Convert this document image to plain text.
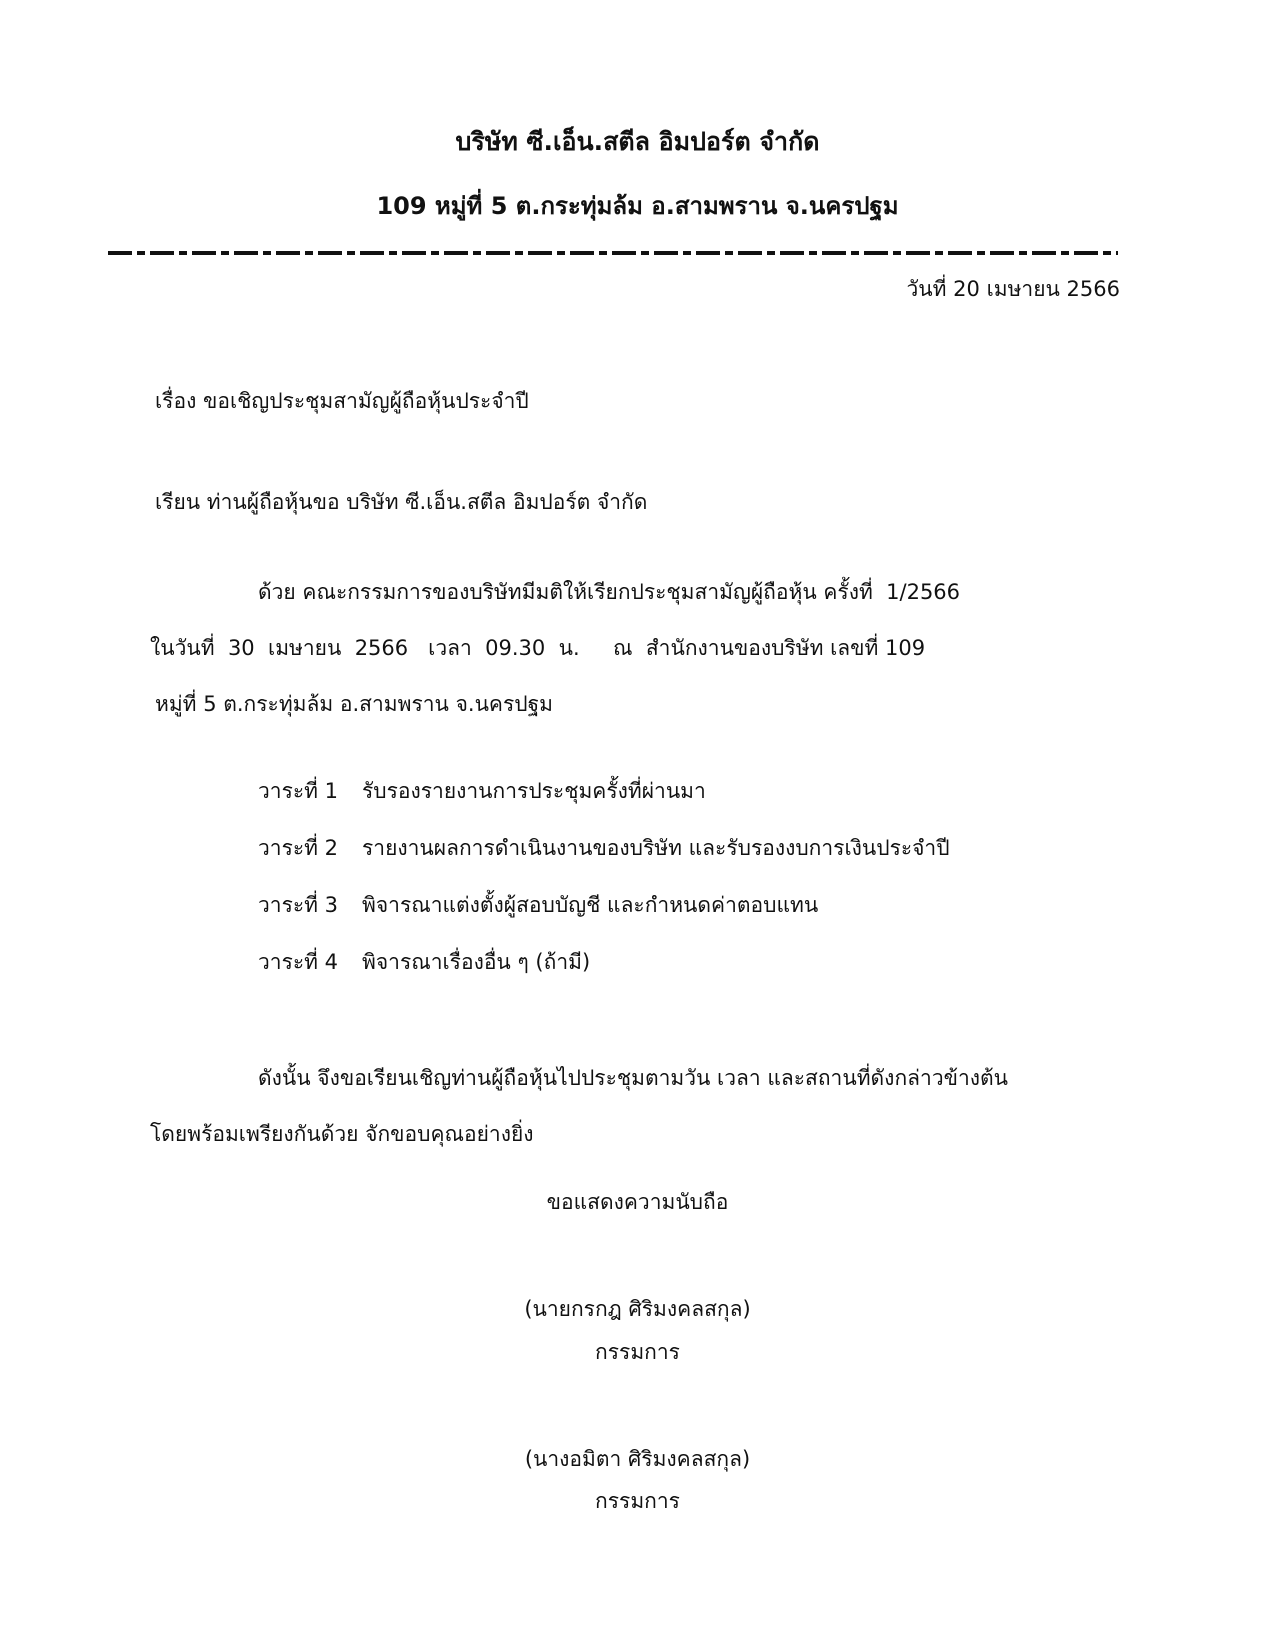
บริษัท ซี.เอ็น.สตีล อิมปอร์ต จำกัด
109 หมู่ที่ 5 ต.กระทุ่มล้ม อ.สามพราน จ.นครปฐม
วันที่ 20 เมษายน 2566
เรื่อง ขอเชิญประชุมสามัญผู้ถือหุ้นประจำปี
เรียน ท่านผู้ถือหุ้นขอ บริษัท ซี.เอ็น.สตีล อิมปอร์ต จำกัด
ด้วย คณะกรรมการของบริษัทมีมติให้เรียกประชุมสามัญผู้ถือหุ้น ครั้งที่  1/2566
ในวันที่  30  เมษายน  2566   เวลา  09.30  น.     ณ  สำนักงานของบริษัท เลขที่ 109
หมู่ที่ 5 ต.กระทุ่มล้ม อ.สามพราน จ.นครปฐม
วาระที่ 1 รับรองรายงานการประชุมครั้งที่ผ่านมา
วาระที่ 2 รายงานผลการดำเนินงานของบริษัท และรับรองงบการเงินประจำปี
วาระที่ 3 พิจารณาแต่งตั้งผู้สอบบัญชี และกำหนดค่าตอบแทน
วาระที่ 4 พิจารณาเรื่องอื่น ๆ (ถ้ามี)
ดังนั้น จึงขอเรียนเชิญท่านผู้ถือหุ้นไปประชุมตามวัน เวลา และสถานที่ดังกล่าวข้างต้น
โดยพร้อมเพรียงกันด้วย จักขอบคุณอย่างยิ่ง
ขอแสดงความนับถือ
(นายกรกฎ ศิริมงคลสกุล)
กรรมการ
(นางอมิตา ศิริมงคลสกุล)
กรรมการ
